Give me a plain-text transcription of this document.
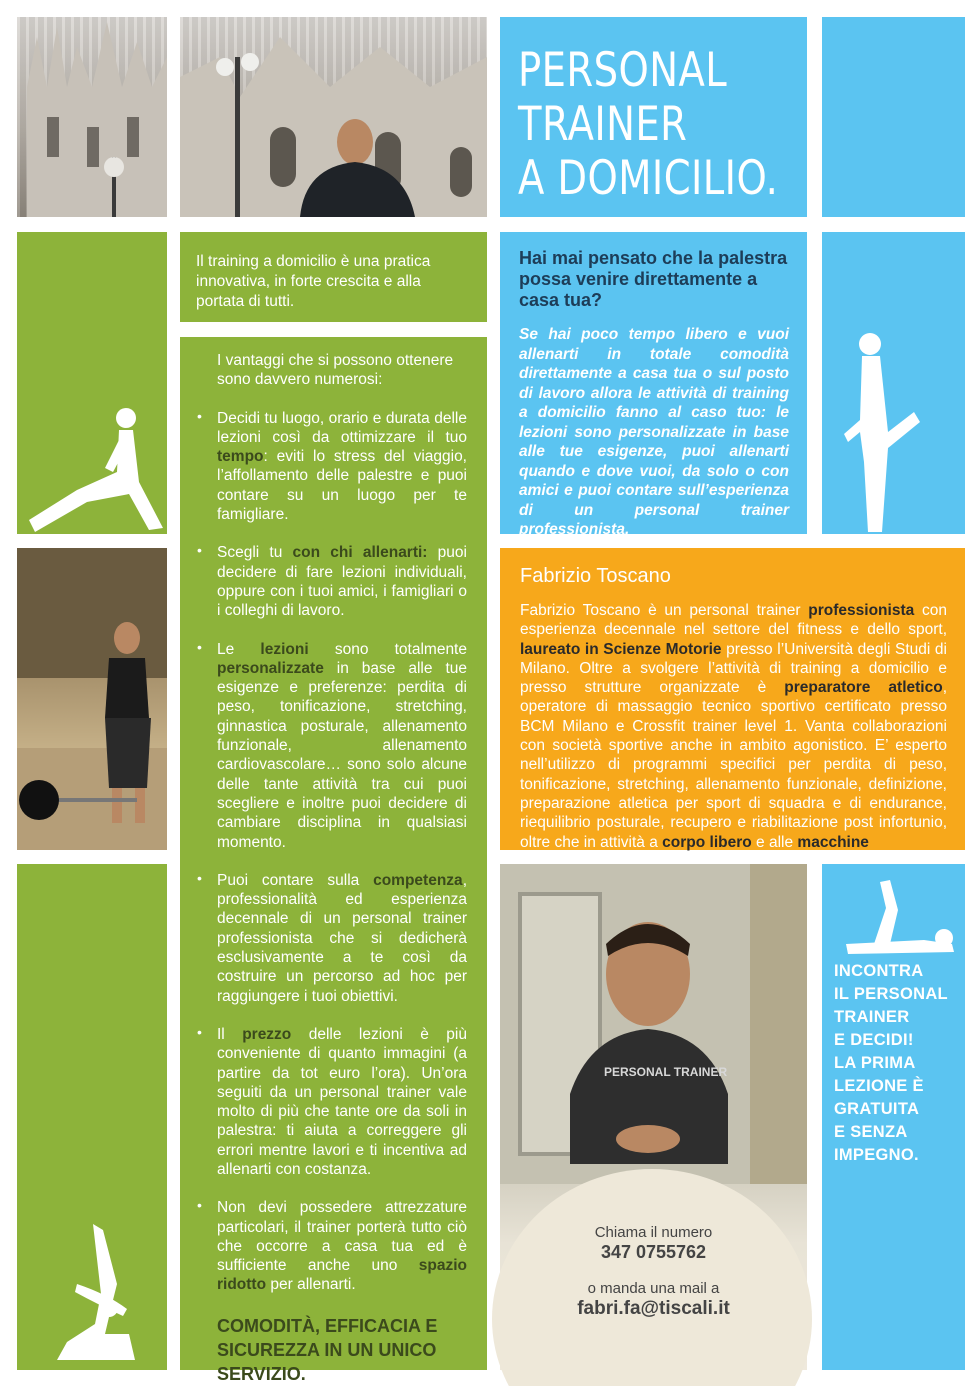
PERSONAL
TRAINER
A DOMICILIO.

Il training a domicilio è una pratica innovativa, in forte crescita e alla portata di tutti.

I vantaggi che si possono ottenere sono davvero numerosi:

• Decidi tu luogo, orario e durata delle lezioni così da ottimizzare il tuo tempo: eviti lo stress del viaggio, l’affollamento delle palestre e puoi contare su un luogo per te famigliare.
• Scegli tu con chi allenarti: puoi decidere di fare lezioni individuali, oppure con i tuoi amici, i famigliari o i colleghi di lavoro.
• Le lezioni sono totalmente personalizzate in base alle tue esigenze e preferenze: perdita di peso, tonificazione, stretching, ginnastica posturale, allenamento funzionale, allenamento cardiovascolare… sono solo alcune delle tante attività tra cui puoi scegliere e inoltre puoi decidere di cambiare disciplina in qualsiasi momento.
• Puoi contare sulla competenza, professionalità ed esperienza decennale di un personal trainer professionista che si dedicherà esclusivamente a te così da costruire un percorso ad hoc per raggiungere i tuoi obiettivi.
• Il prezzo delle lezioni è più conveniente di quanto immagini (a partire da tot euro l’ora). Un’ora seguiti da un personal trainer vale molto di più che tante ore da soli in palestra: ti aiuta a correggere gli errori mentre lavori e ti incentiva ad allenarti con costanza.
• Non devi possedere attrezzature particolari, il trainer porterà tutto ciò che occorre a casa tua ed è sufficiente anche uno spazio ridotto per allenarti.

COMODITÀ, EFFICACIA E SICUREZZA IN UN UNICO SERVIZIO.

Hai mai pensato che la palestra possa venire direttamente a casa tua?

Se hai poco tempo libero e vuoi allenarti in totale comodità direttamente a casa tua o sul posto di lavoro allora le attività di training a domicilio fanno al caso tuo: le lezioni sono personalizzate in base alle tue esigenze, puoi allenarti quando e dove vuoi, da solo o con amici e puoi contare sull’esperienza di un personal trainer professionista.

Fabrizio Toscano

Fabrizio Toscano è un personal trainer professionista con esperienza decennale nel settore del fitness e dello sport, laureato in Scienze Motorie presso l’Università degli Studi di Milano. Oltre a svolgere l’attività di training a domicilio e presso strutture organizzate è preparatore atletico, operatore di massaggio tecnico sportivo certificato presso BCM Milano e Crossfit trainer level 1. Vanta collaborazioni con società sportive anche in ambito agonistico. E’ esperto nell’utilizzo di programmi specifici per perdita di peso, tonificazione, stretching, allenamento funzionale, definizione, preparazione atletica per sport di squadra e di endurance, riequilibrio posturale, recupero e riabilitazione post infortunio, oltre che in attività a corpo libero e alle macchine

PERSONAL TRAINER

Chiama il numero

347 0755762

o manda una mail a

fabri.fa@tiscali.it

INCONTRA
IL PERSONAL
TRAINER
E DECIDI!
LA PRIMA
LEZIONE È
GRATUITA
E SENZA
IMPEGNO.
